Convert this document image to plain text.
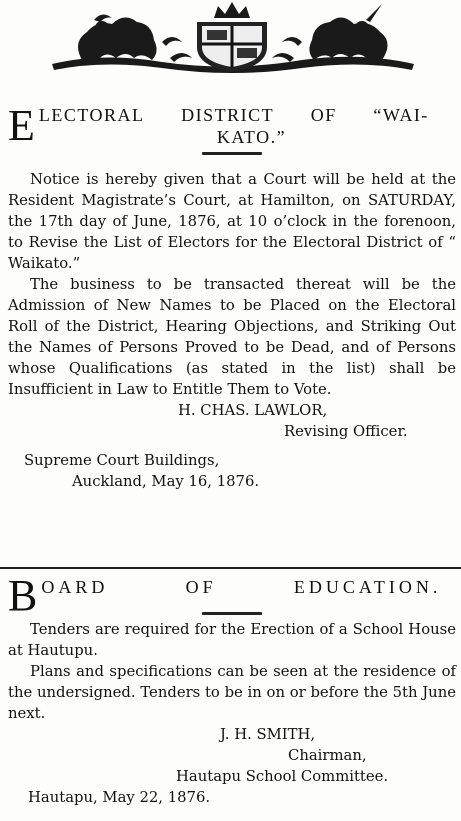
E LECTORAL DISTRICT OF “WAI-
KATO.”

Notice is hereby given that a Court will be held at the Resident Magistrate’s Court, at Hamilton, on SATURDAY, the 17th day of June, 1876, at 10 o’clock in the forenoon, to Revise the List of Electors for the Electoral District of “ Waikato.”

The business to be transacted thereat will be the Admission of New Names to be Placed on the Electoral Roll of the District, Hearing Objections, and Striking Out the Names of Persons Proved to be Dead, and of Persons whose Qualifications (as stated in the list) shall be Insufficient in Law to Entitle Them to Vote.

H. CHAS. LAWLOR,
Revising Officer.
Supreme Court Buildings,
Auckland, May 16, 1876.
B OARD	OF	EDUCATION.

Tenders are required for the Erection of a School House at Hautupu.

Plans and specifications can be seen at the residence of the undersigned. Tenders to be in on or before the 5th June next.

J. H. SMITH,
Chairman,
Hautapu School Committee.
Hautapu, May 22, 1876.
